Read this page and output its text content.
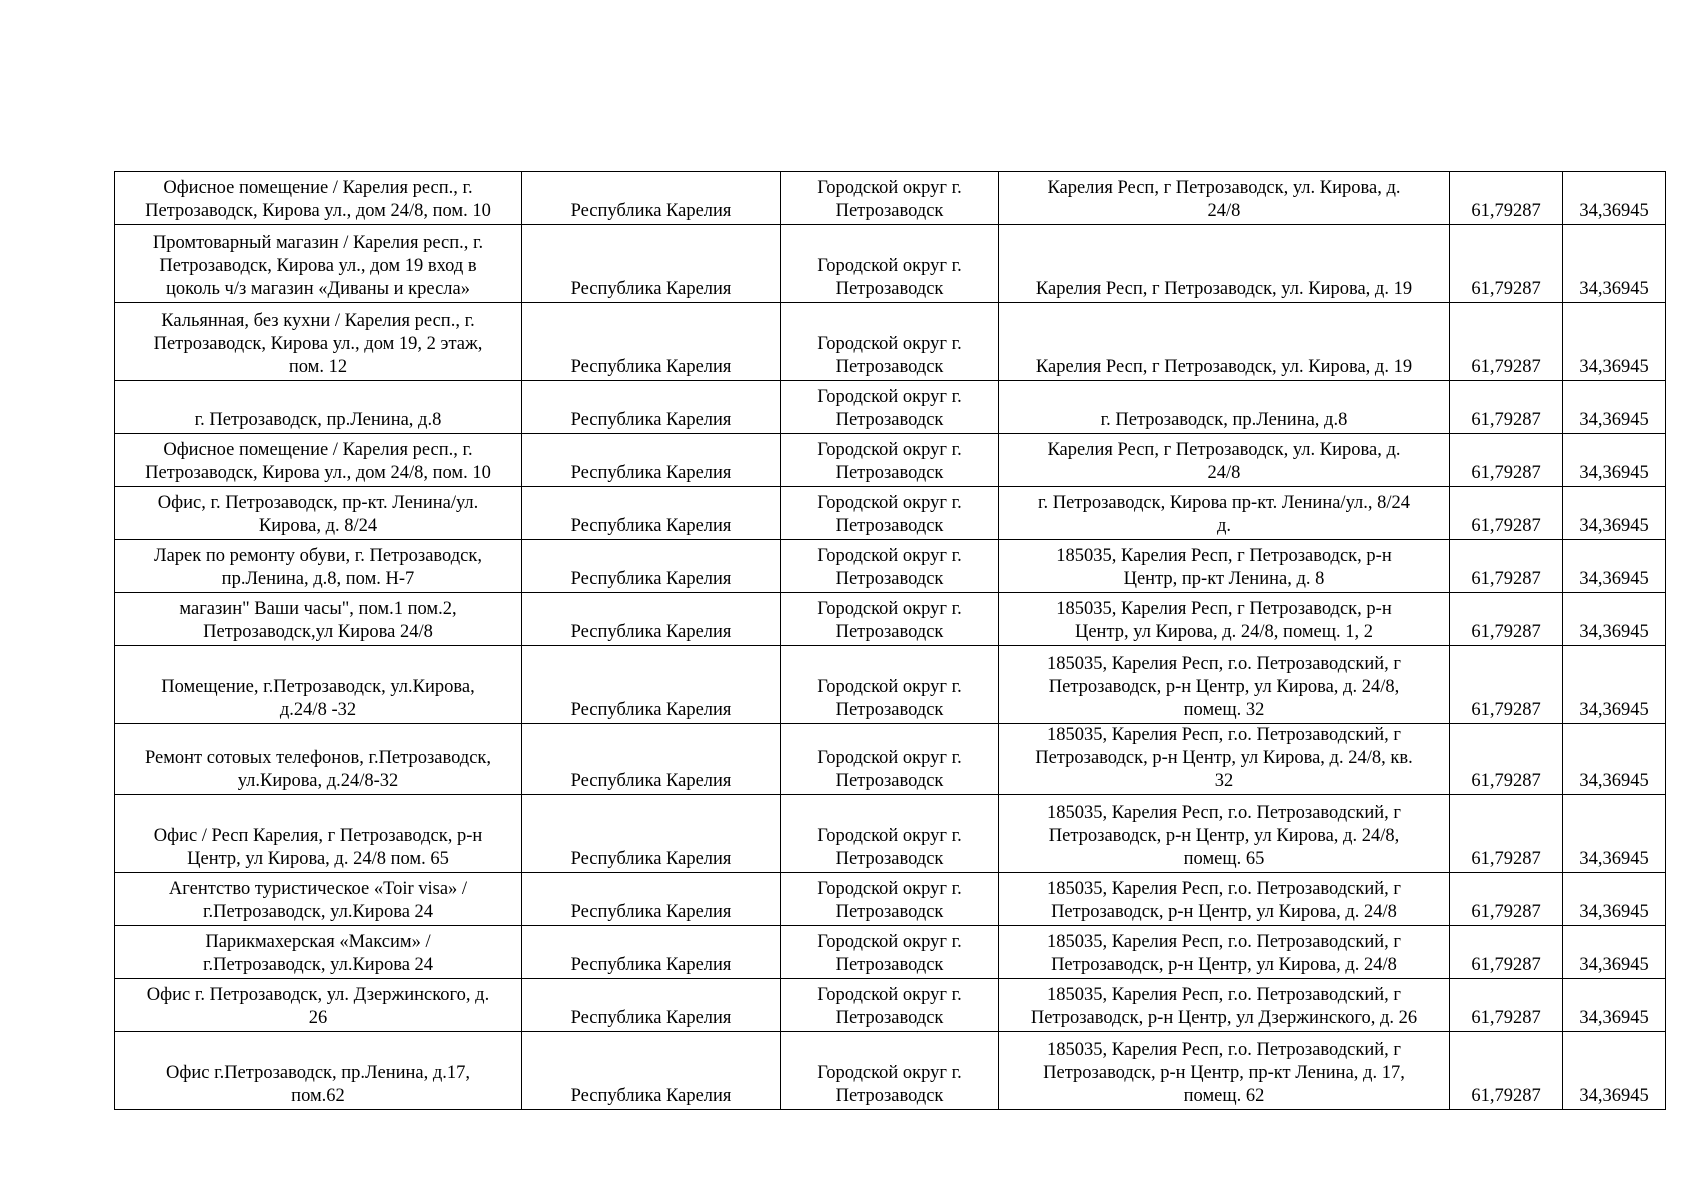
Офисное помещение / Карелия респ., г.
Петрозаводск, Кирова ул., дом 24/8, пом. 10	Республика Карелия	Городской округ г.
Петрозаводск	Карелия Респ, г Петрозаводск, ул. Кирова, д.
24/8	61,79287	34,36945
Промтоварный магазин / Карелия респ., г.
Петрозаводск, Кирова ул., дом 19 вход в
цоколь ч/з магазин «Диваны и кресла»	Республика Карелия	Городской округ г.
Петрозаводск	Карелия Респ, г Петрозаводск, ул. Кирова, д. 19	61,79287	34,36945
Кальянная, без кухни / Карелия респ., г.
Петрозаводск, Кирова ул., дом 19, 2 этаж,
пом. 12	Республика Карелия	Городской округ г.
Петрозаводск	Карелия Респ, г Петрозаводск, ул. Кирова, д. 19	61,79287	34,36945
г. Петрозаводск, пр.Ленина, д.8	Республика Карелия	Городской округ г.
Петрозаводск	г. Петрозаводск, пр.Ленина, д.8	61,79287	34,36945
Офисное помещение / Карелия респ., г.
Петрозаводск, Кирова ул., дом 24/8, пом. 10	Республика Карелия	Городской округ г.
Петрозаводск	Карелия Респ, г Петрозаводск, ул. Кирова, д.
24/8	61,79287	34,36945
Офис, г. Петрозаводск, пр-кт. Ленина/ул.
Кирова, д. 8/24	Республика Карелия	Городской округ г.
Петрозаводск	г. Петрозаводск, Кирова пр-кт. Ленина/ул., 8/24
д.	61,79287	34,36945
Ларек по ремонту обуви, г. Петрозаводск,
пр.Ленина, д.8, пом. Н-7	Республика Карелия	Городской округ г.
Петрозаводск	185035, Карелия Респ, г Петрозаводск, р-н
Центр, пр-кт Ленина, д. 8	61,79287	34,36945
магазин" Ваши часы", пом.1 пом.2,
Петрозаводск,ул Кирова 24/8	Республика Карелия	Городской округ г.
Петрозаводск	185035, Карелия Респ, г Петрозаводск, р-н
Центр, ул Кирова, д. 24/8, помещ. 1, 2	61,79287	34,36945
Помещение, г.Петрозаводск, ул.Кирова,
д.24/8 -32	Республика Карелия	Городской округ г.
Петрозаводск	185035, Карелия Респ, г.о. Петрозаводский, г
Петрозаводск, р-н Центр, ул Кирова, д. 24/8,
помещ. 32	61,79287	34,36945
Ремонт сотовых телефонов, г.Петрозаводск,
ул.Кирова, д.24/8-32	Республика Карелия	Городской округ г.
Петрозаводск	185035, Карелия Респ, г.о. Петрозаводский, г
Петрозаводск, р-н Центр, ул Кирова, д. 24/8, кв.
32	61,79287	34,36945
Офис / Респ Карелия, г Петрозаводск, р-н
Центр, ул Кирова, д. 24/8 пом. 65	Республика Карелия	Городской округ г.
Петрозаводск	185035, Карелия Респ, г.о. Петрозаводский, г
Петрозаводск, р-н Центр, ул Кирова, д. 24/8,
помещ. 65	61,79287	34,36945
Агентство туристическое «Toir visa» /
г.Петрозаводск, ул.Кирова 24	Республика Карелия	Городской округ г.
Петрозаводск	185035, Карелия Респ, г.о. Петрозаводский, г
Петрозаводск, р-н Центр, ул Кирова, д. 24/8	61,79287	34,36945
Парикмахерская «Максим» /
г.Петрозаводск, ул.Кирова 24	Республика Карелия	Городской округ г.
Петрозаводск	185035, Карелия Респ, г.о. Петрозаводский, г
Петрозаводск, р-н Центр, ул Кирова, д. 24/8	61,79287	34,36945
Офис г. Петрозаводск, ул. Дзержинского, д.
26	Республика Карелия	Городской округ г.
Петрозаводск	185035, Карелия Респ, г.о. Петрозаводский, г
Петрозаводск, р-н Центр, ул Дзержинского, д. 26	61,79287	34,36945
Офис г.Петрозаводск, пр.Ленина, д.17,
пом.62	Республика Карелия	Городской округ г.
Петрозаводск	185035, Карелия Респ, г.о. Петрозаводский, г
Петрозаводск, р-н Центр, пр-кт Ленина, д. 17,
помещ. 62	61,79287	34,36945
